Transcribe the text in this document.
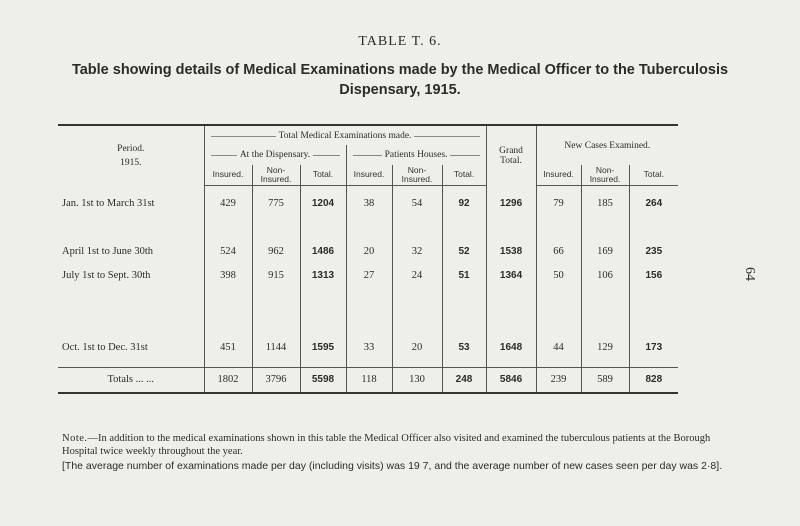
TABLE T. 6.
Table showing details of Medical Examinations made by the Medical Officer to the Tuberculosis Dispensary, 1915.
64
Period.
1915.	Total Medical Examinations made.						Grand Total.	New Cases Examined.		
	At the Dispensary.			Patients Houses.						
	Insured.	Non-Insured.	Total.	Insured.	Non-Insured.	Total.		Insured.	Non-Insured.	Total.
Jan. 1st to March 31st	429	775	1204	38	54	92	1296	79	185	264

April 1st to June 30th	524	962	1486	20	32	52	1538	66	169	235
July 1st to Sept. 30th	398	915	1313	27	24	51	1364	50	106	156

Oct. 1st to Dec. 31st	451	1144	1595	33	20	53	1648	44	129	173

Totals ... ...	1802	3796	5598	118	130	248	5846	239	589	828
Note.—In addition to the medical examinations shown in this table the Medical Officer also visited and examined the tuberculous patients at the Borough Hospital twice weekly throughout the year.
[The average number of examinations made per day (including visits) was 19 7, and the average number of new cases seen per day was 2·8].
